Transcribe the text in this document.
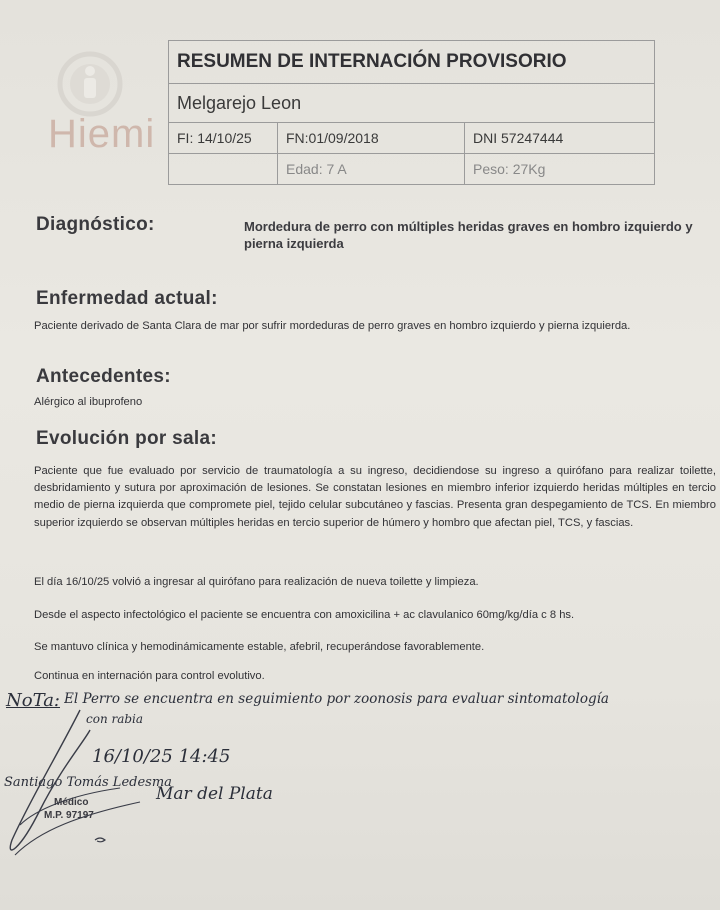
Hiemi
RESUMEN DE INTERNACIÓN PROVISORIO		
Melgarejo Leon		
FI: 14/10/25	FN:01/09/2018	DNI 57247444
	Edad: 7 A	Peso: 27Kg
Diagnóstico:	Mordedura de perro con múltiples heridas graves en hombro izquierdo y pierna izquierda
Enfermedad actual:
Paciente derivado de Santa Clara de mar por sufrir mordeduras de perro graves en hombro izquierdo y pierna izquierda.
Antecedentes:
Alérgico al ibuprofeno
Evolución por sala:
Paciente que fue evaluado por servicio de traumatología a su ingreso, decidiendose su ingreso a quirófano para realizar toilette, desbridamiento y sutura por aproximación de lesiones. Se constatan lesiones en miembro inferior izquierdo heridas múltiples en tercio medio de pierna izquierda que compromete piel, tejido celular subcutáneo y fascias. Presenta gran despegamiento de TCS. En miembro superior izquierdo se observan múltiples heridas en tercio superior de húmero y hombro que afectan piel, TCS, y fascias.
El día 16/10/25 volvió a ingresar al quirófano para realización de nueva toilette y limpieza.
Desde el aspecto infectológico el paciente se encuentra con amoxicilina + ac clavulanico 60mg/kg/día c 8 hs.
Se mantuvo clínica y hemodinámicamente estable, afebril, recuperándose favorablemente.
Continua en internación para control evolutivo.
NoTa: El Perro se encuentra en seguimiento por zoonosis para evaluar sintomatología
con rabia
16/10/25 14:45
Santiago Tomás Ledesma
Médico
M.P. 97197
Mar del Plata
